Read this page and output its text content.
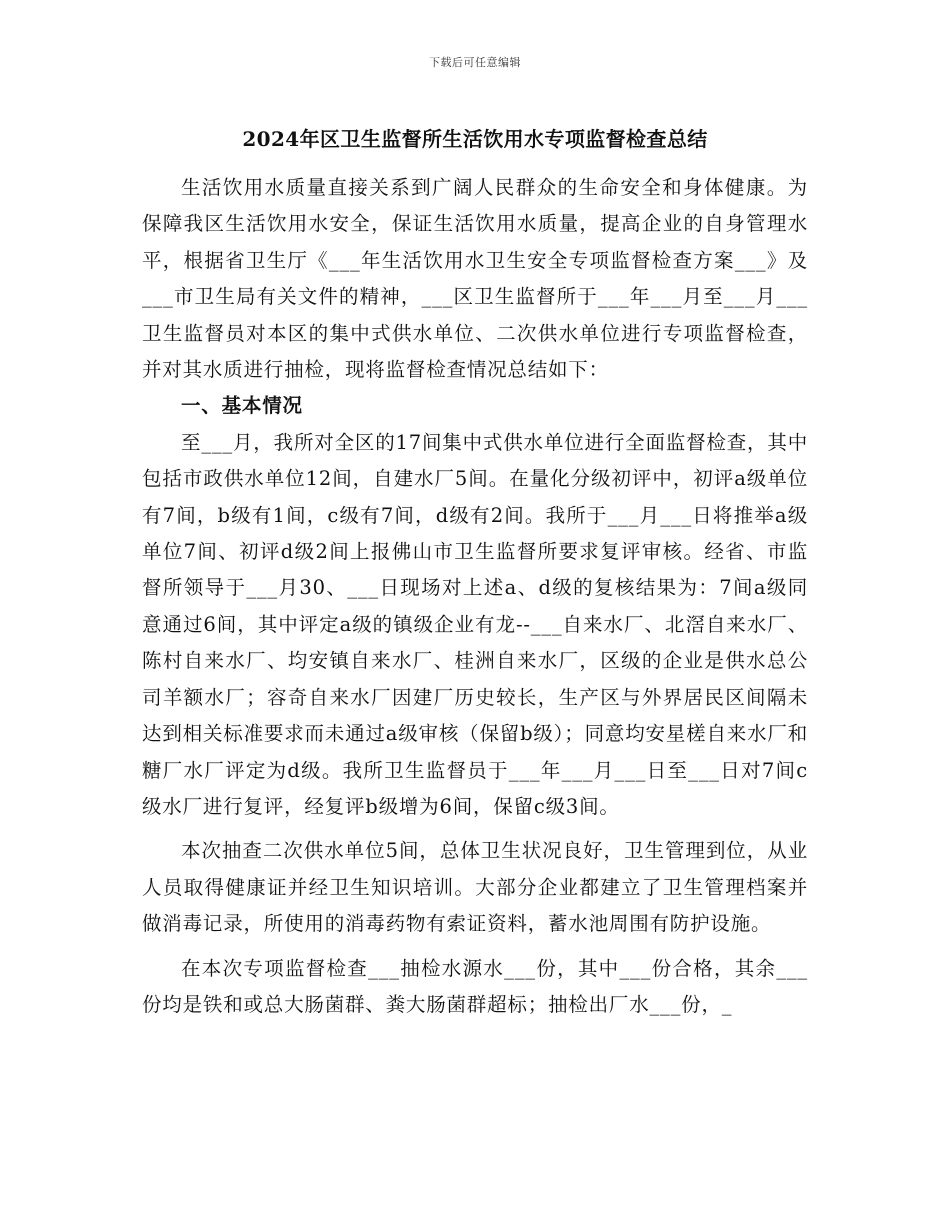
下载后可任意编辑
2024年区卫生监督所生活饮用水专项监督检查总结

生活饮用水质量直接关系到广阔人民群众的生命安全和身体健康。为保障我区生活饮用水安全，保证生活饮用水质量，提高企业的自身管理水平，根据省卫生厅《___年生活饮用水卫生安全专项监督检查方案___》及___市卫生局有关文件的精神，___区卫生监督所于___年___月至___月___卫生监督员对本区的集中式供水单位、二次供水单位进行专项监督检查，并对其水质进行抽检，现将监督检查情况总结如下：

一、基本情况

至___月，我所对全区的17间集中式供水单位进行全面监督检查，其中包括市政供水单位12间，自建水厂5间。在量化分级初评中，初评a级单位有7间，b级有1间，c级有7间，d级有2间。我所于___月___日将推举a级单位7间、初评d级2间上报佛山市卫生监督所要求复评审核。经省、市监督所领导于___月30、___日现场对上述a、d级的复核结果为：7间a级同意通过6间，其中评定a级的镇级企业有龙--___自来水厂、北滘自来水厂、陈村自来水厂、均安镇自来水厂、桂洲自来水厂，区级的企业是供水总公司羊额水厂；容奇自来水厂因建厂历史较长，生产区与外界居民区间隔未达到相关标准要求而未通过a级审核（保留b级）；同意均安星槎自来水厂和糖厂水厂评定为d级。我所卫生监督员于___年___月___日至___日对7间c级水厂进行复评，经复评b级增为6间，保留c级3间。

本次抽查二次供水单位5间，总体卫生状况良好，卫生管理到位，从业人员取得健康证并经卫生知识培训。大部分企业都建立了卫生管理档案并做消毒记录，所使用的消毒药物有索证资料，蓄水池周围有防护设施。

在本次专项监督检查___抽检水源水___份，其中___份合格，其余___份均是铁和或总大肠菌群、粪大肠菌群超标；抽检出厂水___份，_
